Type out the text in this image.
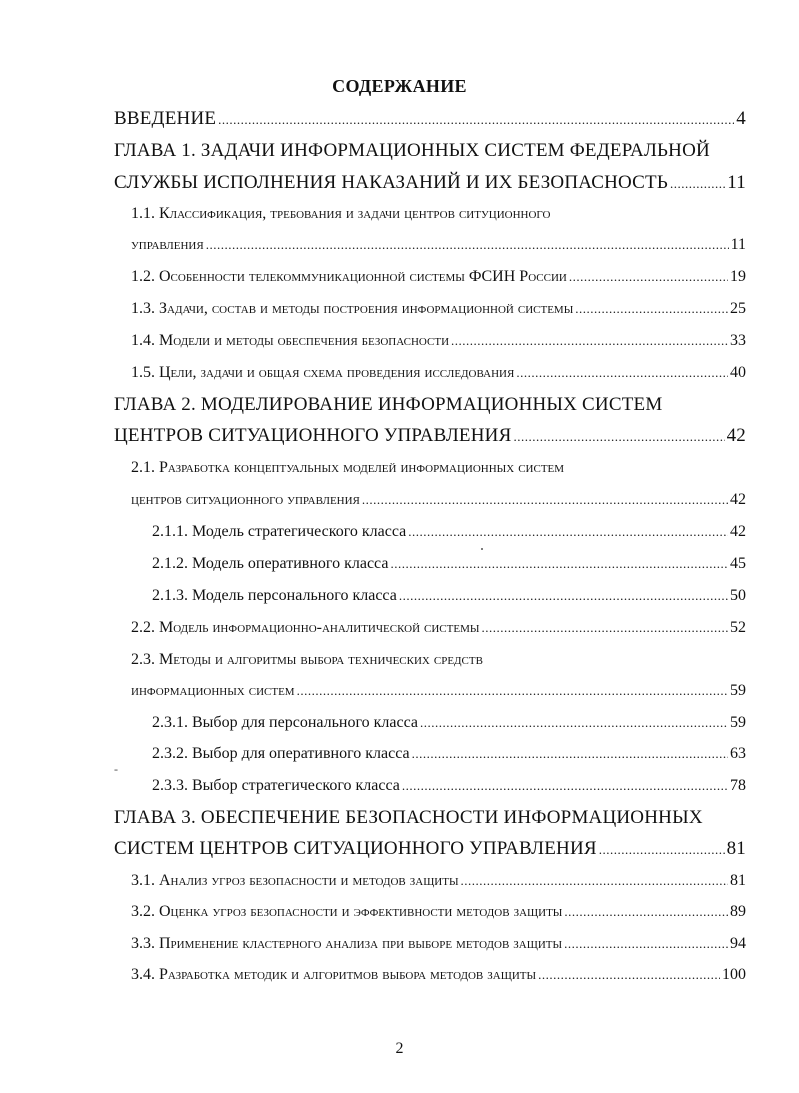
СОДЕРЖАНИЕ
ВВЕДЕНИЕ .....	4
ГЛАВА 1. ЗАДАЧИ ИНФОРМАЦИОННЫХ СИСТЕМ ФЕДЕРАЛЬНОЙ
СЛУЖБЫ ИСПОЛНЕНИЯ НАКАЗАНИЙ И ИХ БЕЗОПАСНОСТЬ .....	11
1.1. Классификация, требования и задачи центров ситуционного
управления .....	11
1.2. Особенности телекоммуникационной системы ФСИН России .....	19
1.3. Задачи, состав и методы построения информационной системы .....	25
1.4. Модели и методы обеспечения безопасности .....	33
1.5. Цели, задачи и общая схема проведения исследования .....	40
ГЛАВА 2. МОДЕЛИРОВАНИЕ ИНФОРМАЦИОННЫХ СИСТЕМ
ЦЕНТРОВ СИТУАЦИОННОГО УПРАВЛЕНИЯ .....	42
2.1. Разработка концептуальных моделей информационных систем
центров ситуационного управления .....	42
2.1.1. Модель стратегического класса .....	42
2.1.2. Модель оперативного класса .....	45
2.1.3. Модель персонального класса .....	50
2.2. Модель информационно-аналитической системы .....	52
2.3. Методы и алгоритмы выбора технических средств
информационных систем .....	59
2.3.1. Выбор для персонального класса .....	59
2.3.2. Выбор для оперативного класса .....	63
2.3.3. Выбор стратегического класса .....	78
ГЛАВА 3. ОБЕСПЕЧЕНИЕ БЕЗОПАСНОСТИ ИНФОРМАЦИОННЫХ
СИСТЕМ ЦЕНТРОВ СИТУАЦИОННОГО УПРАВЛЕНИЯ .....	81
3.1. Анализ угроз безопасности и методов защиты .....	81
3.2. Оценка угроз безопасности и эффективности методов защиты .....	89
3.3. Применение кластерного анализа при выборе методов защиты .....	94
3.4. Разработка методик и алгоритмов выбора методов защиты .....	100
-
2
